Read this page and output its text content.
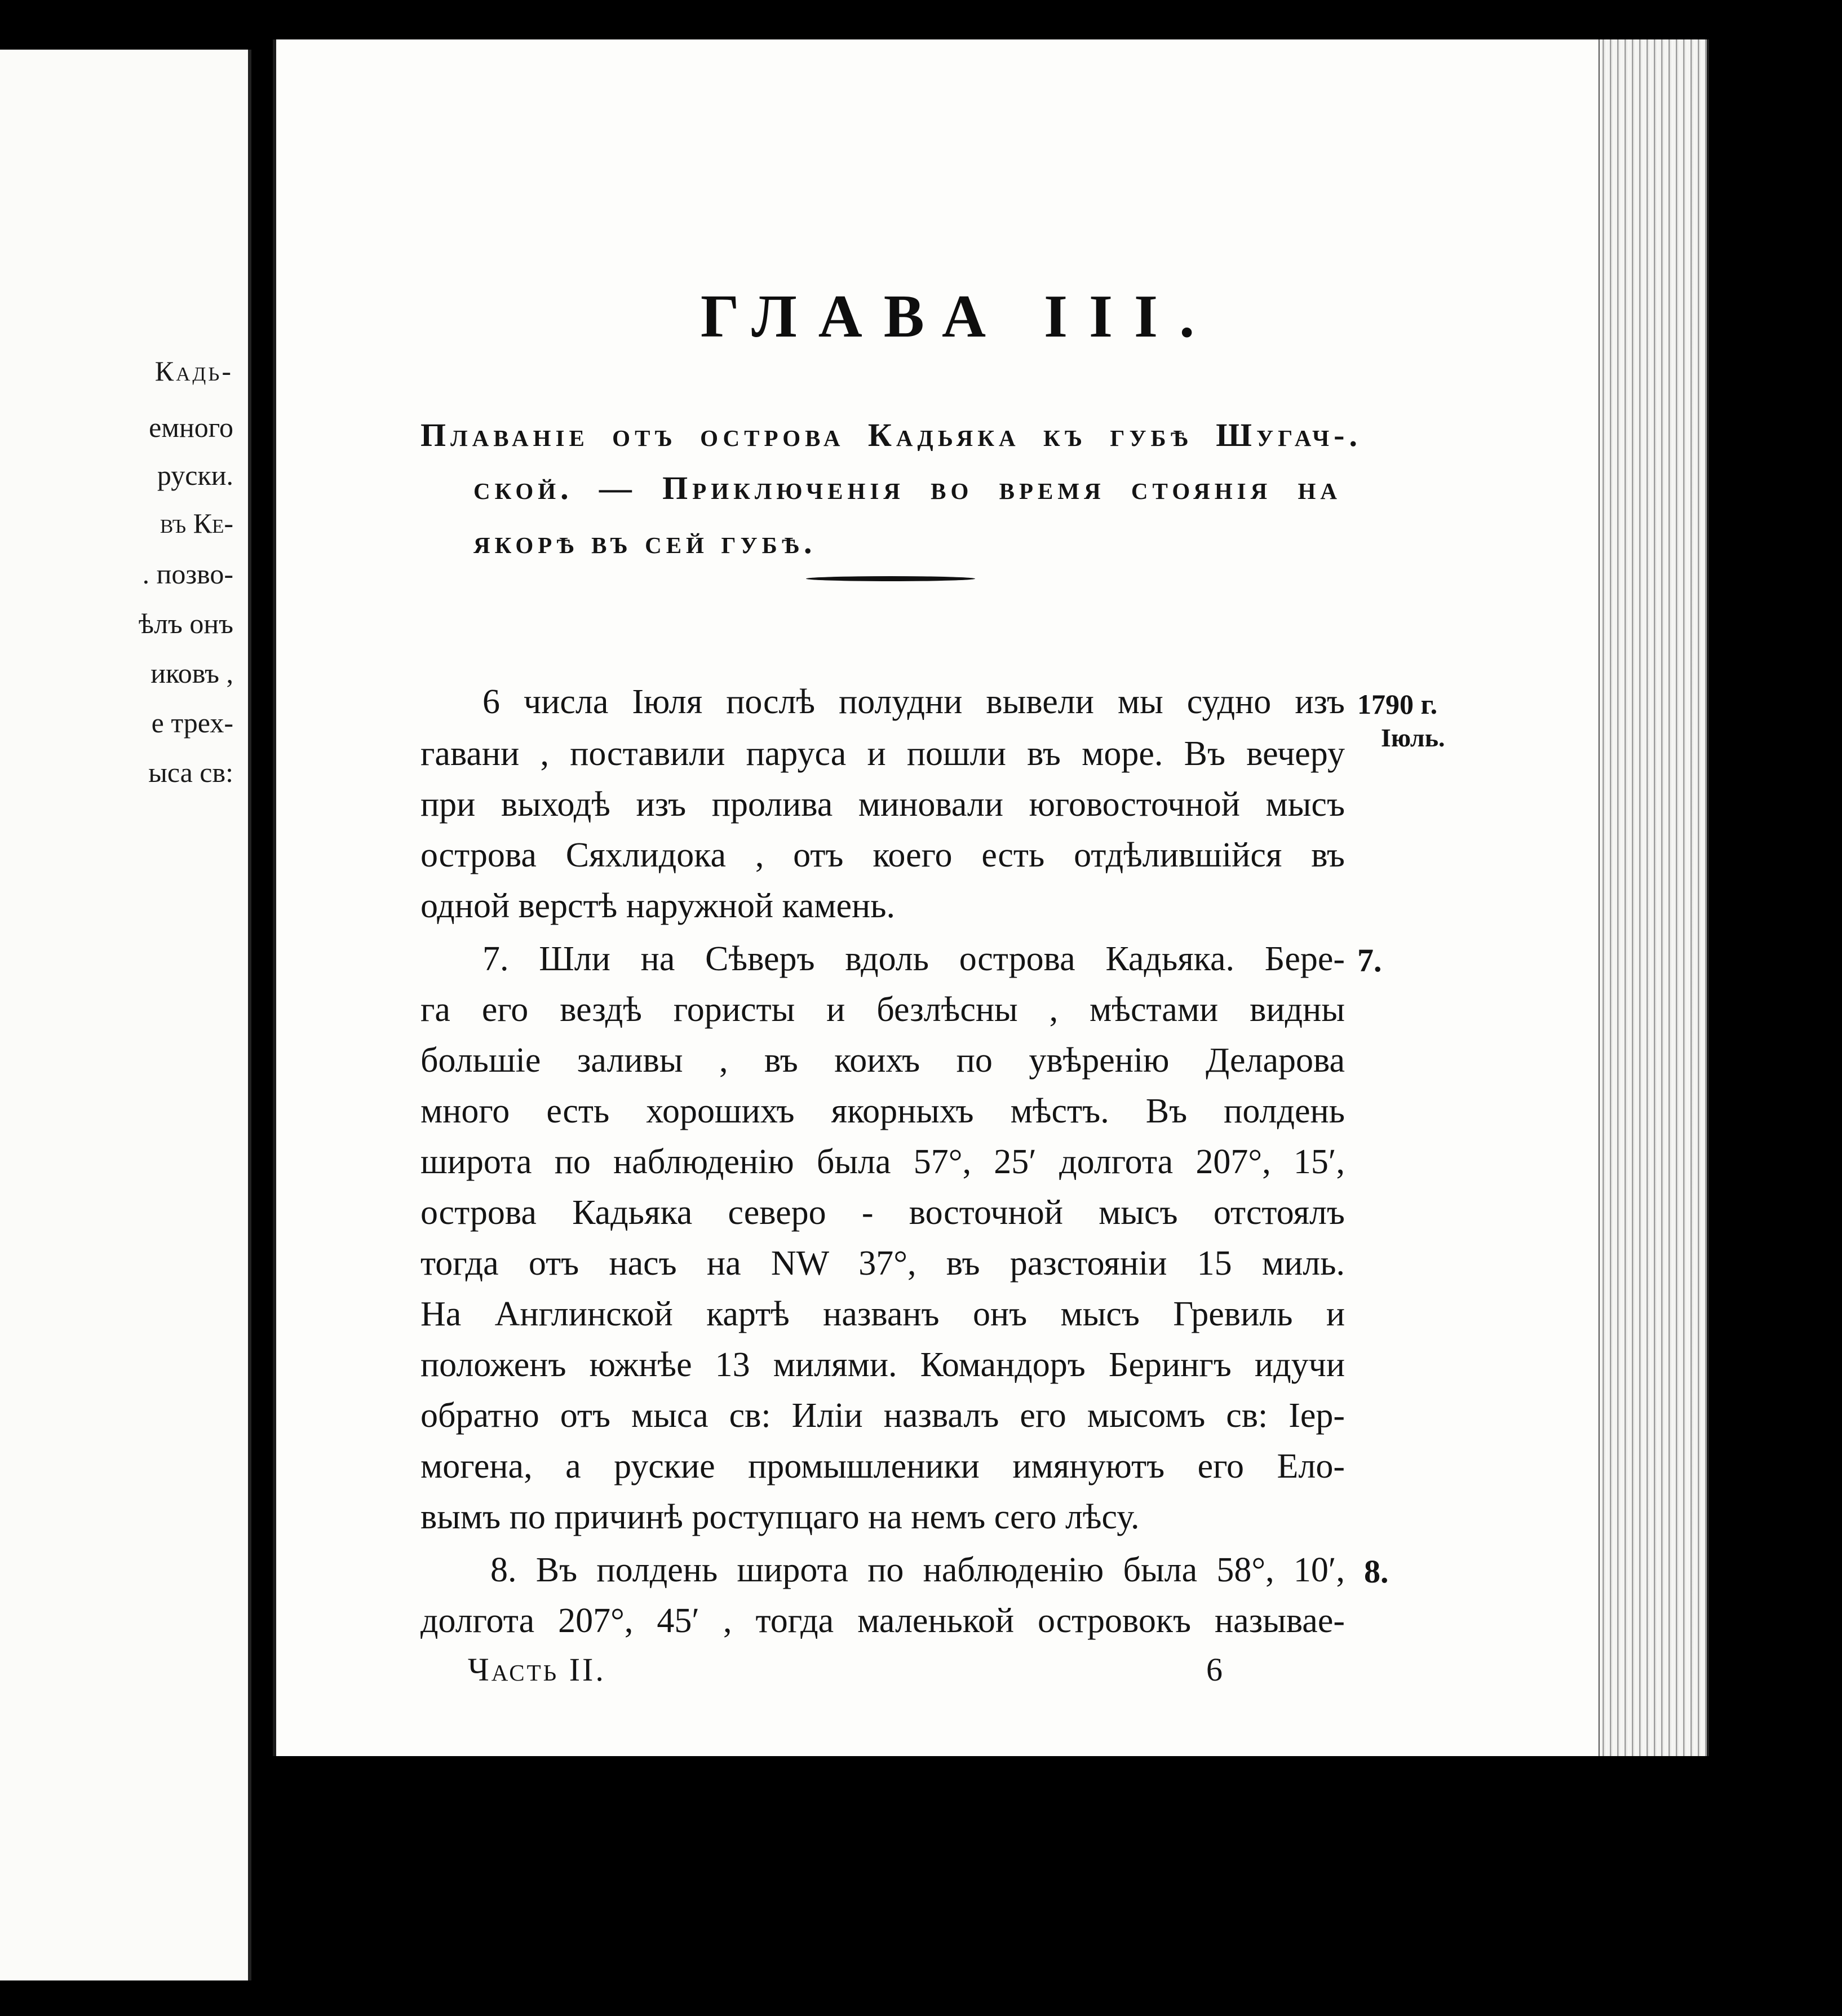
Кадь-
емного
руски.
въ Ке-
. позво-
ѣлъ онъ
иковъ ,
е трех-
ыса св:
ГЛАВА III.
Плаваніе отъ острова Кадьяка къ губѣ Шугач-.
ской. — Приключенія во время стоянія на
якорѣ въ сей губѣ.
6 числа Іюля послѣ полудни вывели мы судно изъ
гавани , поставили паруса и пошли въ море. Въ вечеру
при выходѣ изъ пролива миновали юговосточной мысъ
острова Сяхлидока , отъ коего есть отдѣлившійся въ
одной верстѣ наружной камень.
7. Шли на Сѣверъ вдоль острова Кадьяка. Бере-
га его вездѣ гористы и безлѣсны , мѣстами видны
большіе заливы , въ коихъ по увѣренію Деларова
много есть хорошихъ якорныхъ мѣстъ. Въ полдень
широта по наблюденію была 57°, 25′ долгота 207°, 15′,
острова Кадьяка северо - восточной мысъ отстоялъ
тогда отъ насъ на NW 37°, въ разстояніи 15 миль.
На Англинской картѣ названъ онъ мысъ Гревиль и
положенъ южнѣе 13 милями. Командоръ Берингъ идучи
обратно отъ мыса св: Иліи назвалъ его мысомъ св: Іер-
могена, а руские промышленики имянуютъ его Ело-
вымъ по причинѣ роступцаго на немъ сего лѣсу.
8. Въ полдень широта по наблюденію была 58°, 10′,
долгота 207°, 45′ , тогда маленькой островокъ называе-
Часть II.	6
1790 г.
Іюль.
7.
8.
